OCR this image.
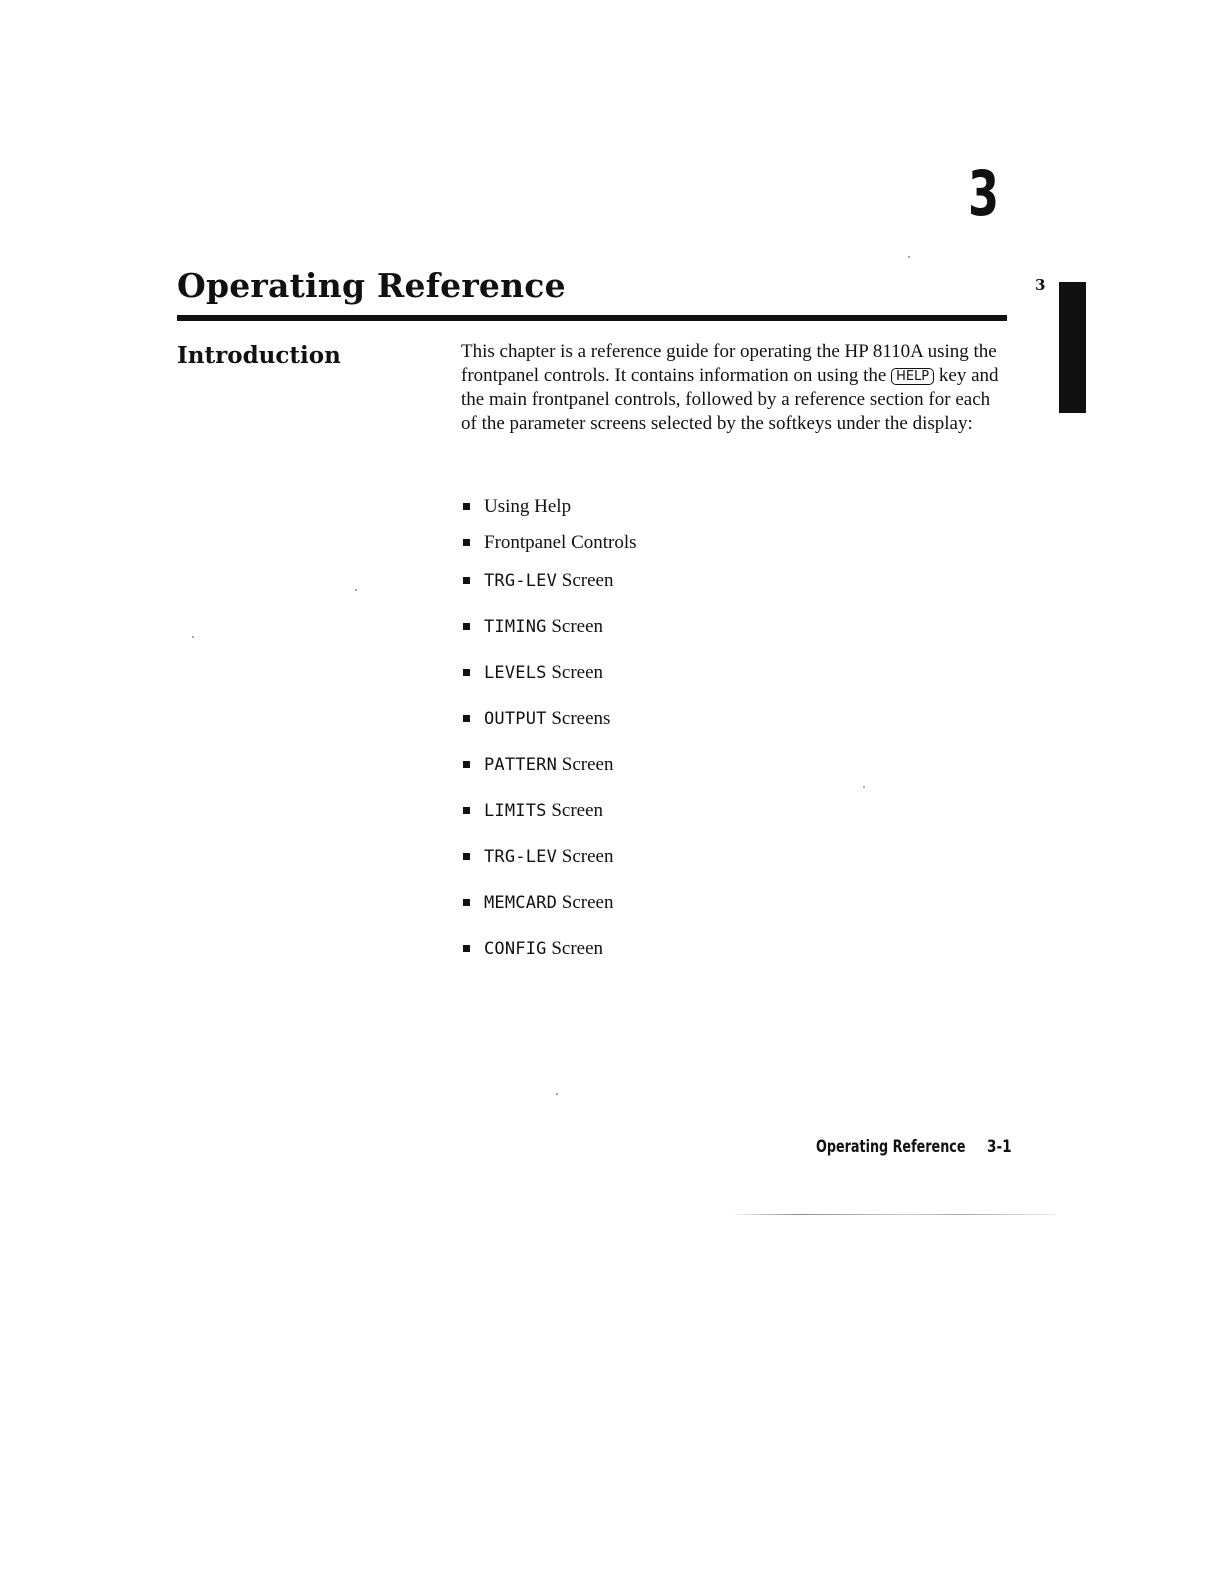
3
Operating Reference	3
Introduction	This chapter is a reference guide for operating the HP 8110A using the frontpanel controls. It contains information on using the HELP key and the main frontpanel controls, followed by a reference section for each of the parameter screens selected by the softkeys under the display:

Using Help
Frontpanel Controls
TRG-LEV Screen
TIMING Screen
LEVELS Screen
OUTPUT Screens
PATTERN Screen
LIMITS Screen
TRG-LEV Screen
MEMCARD Screen
CONFIG Screen
Operating Reference 3-1
